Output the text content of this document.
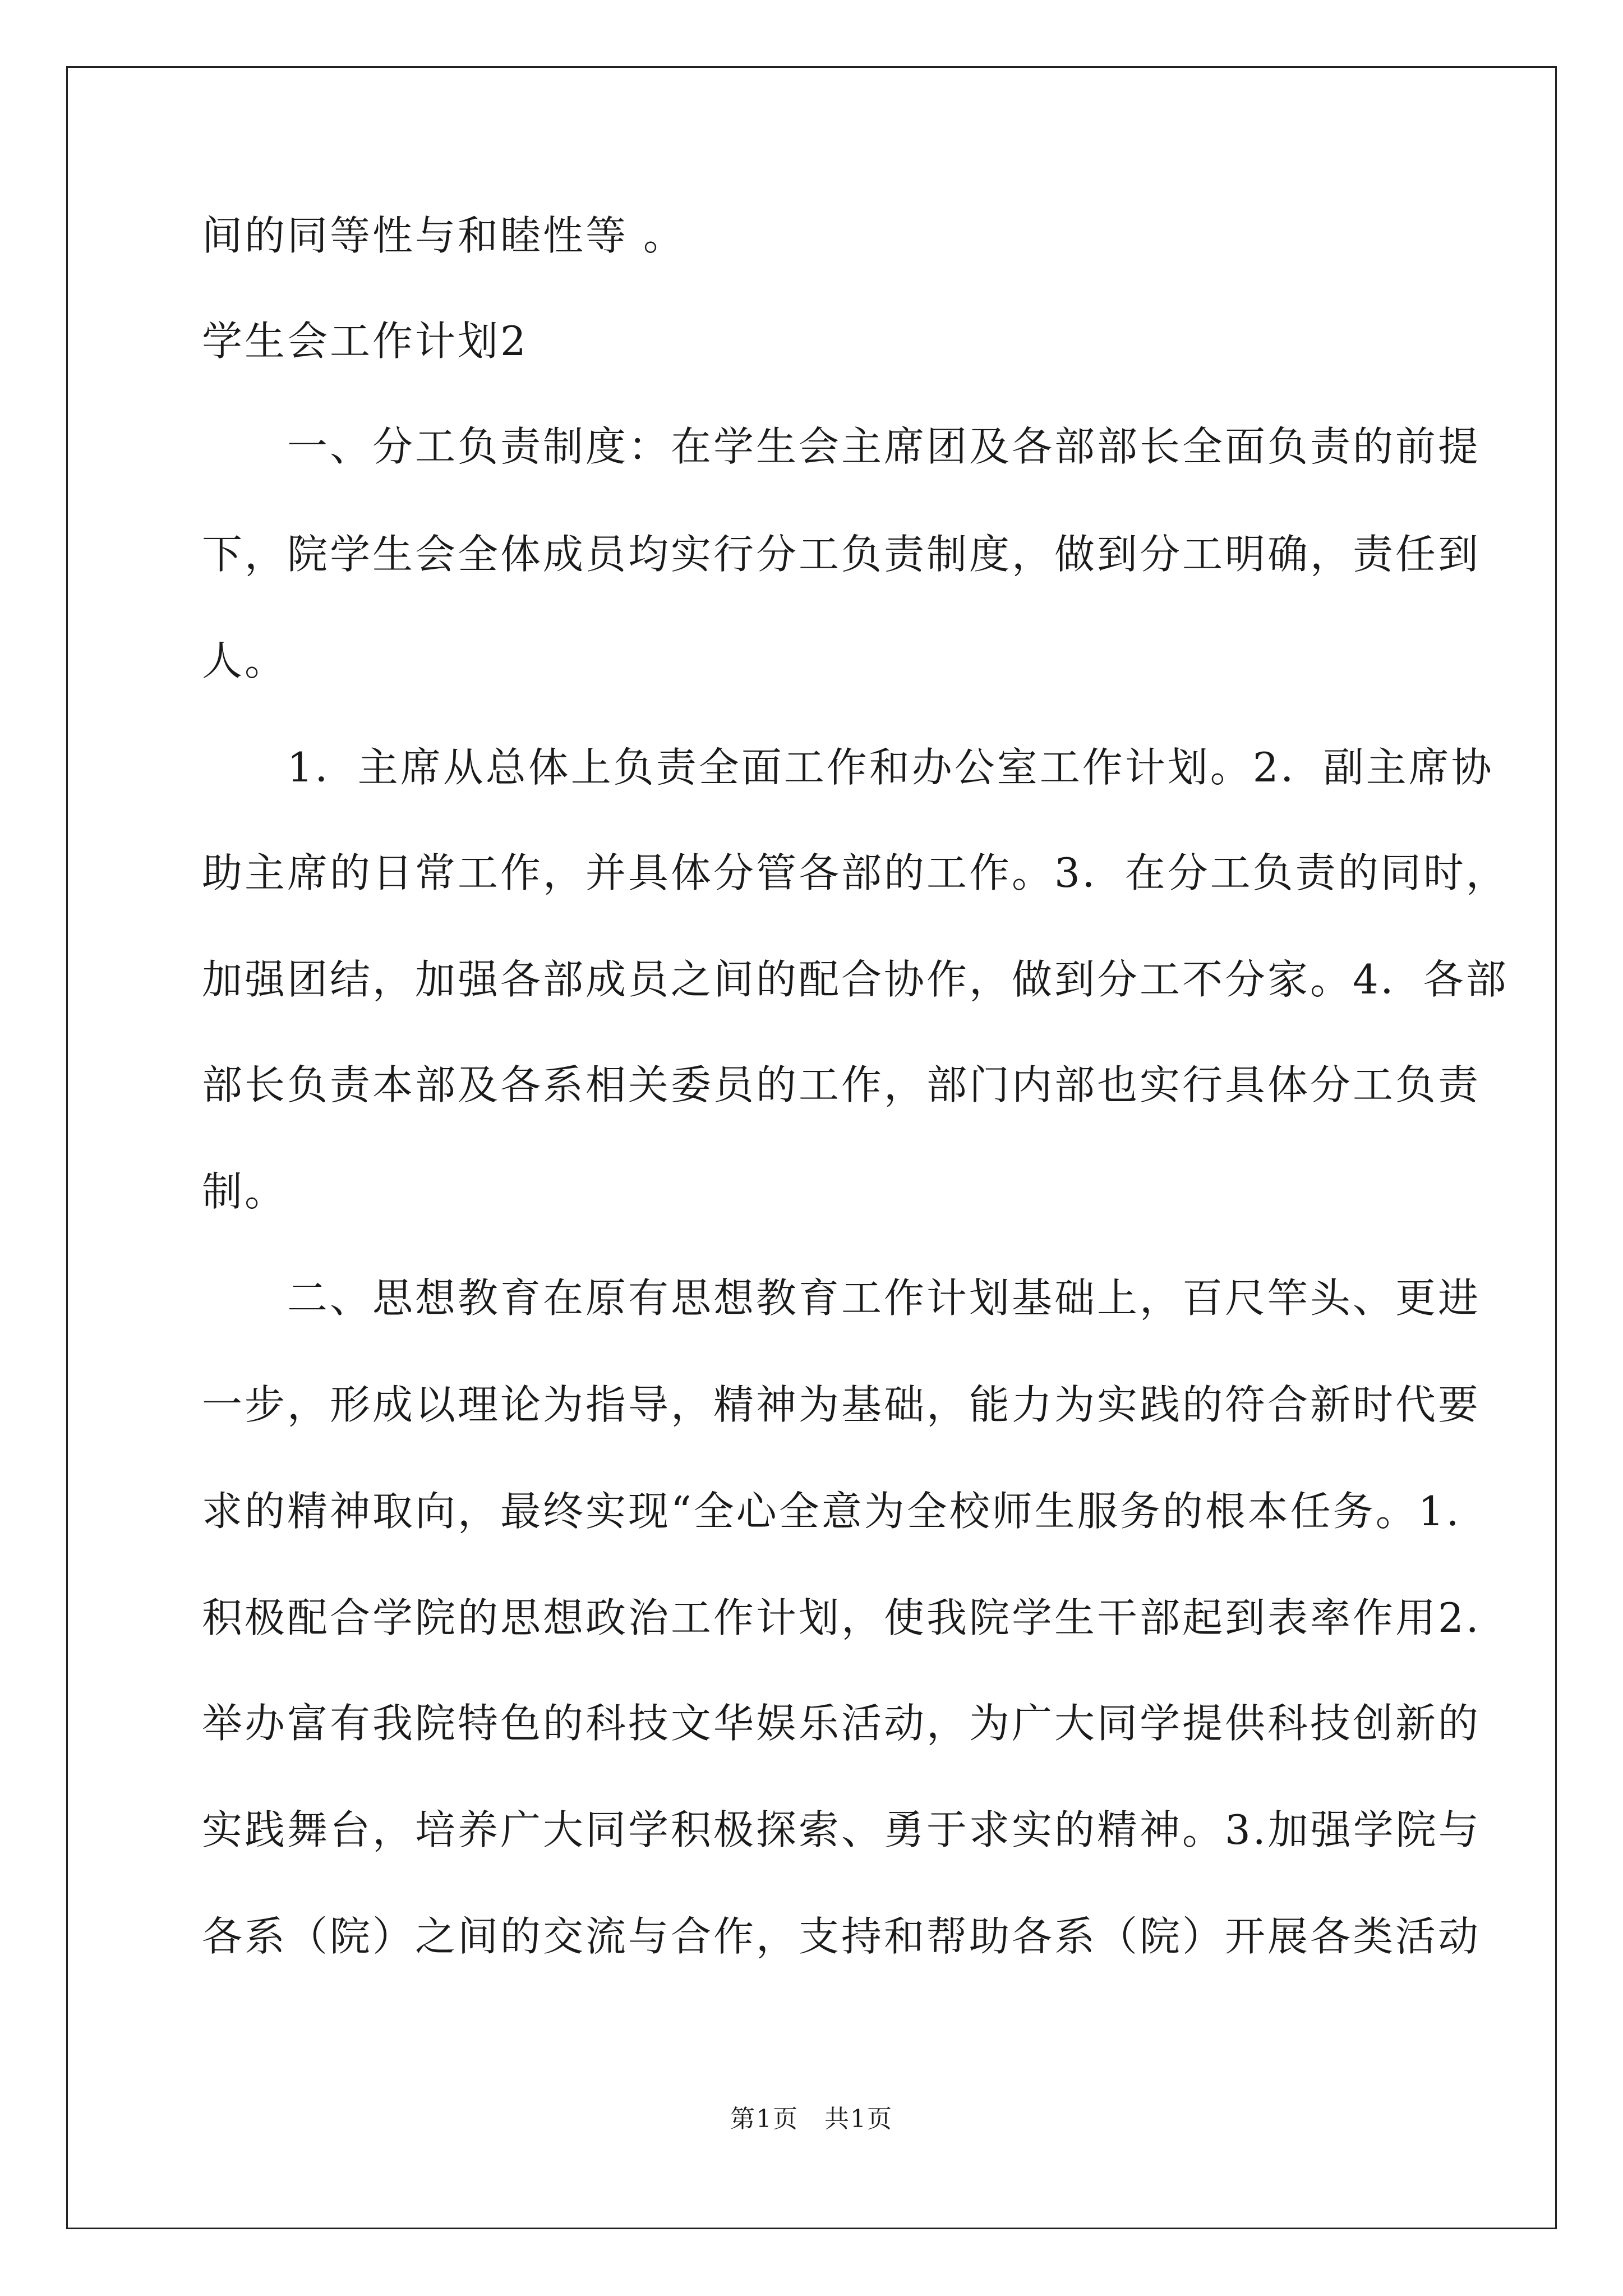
间的同等性与和睦性等 。
学生会工作计划2
　　一、分工负责制度：在学生会主席团及各部部长全面负责的前提
下，院学生会全体成员均实行分工负责制度，做到分工明确，责任到
人。
　　1．主席从总体上负责全面工作和办公室工作计划。2．副主席协
助主席的日常工作，并具体分管各部的工作。3．在分工负责的同时，
加强团结，加强各部成员之间的配合协作，做到分工不分家。4．各部
部长负责本部及各系相关委员的工作，部门内部也实行具体分工负责
制。
　　二、思想教育在原有思想教育工作计划基础上，百尺竿头、更进
一步，形成以理论为指导，精神为基础，能力为实践的符合新时代要
求的精神取向，最终实现“全心全意为全校师生服务的根本任务。1.
积极配合学院的思想政治工作计划，使我院学生干部起到表率作用2.
举办富有我院特色的科技文华娱乐活动，为广大同学提供科技创新的
实践舞台，培养广大同学积极探索、勇于求实的精神。3.加强学院与
各系（院）之间的交流与合作，支持和帮助各系（院）开展各类活动
第1页　共1页
